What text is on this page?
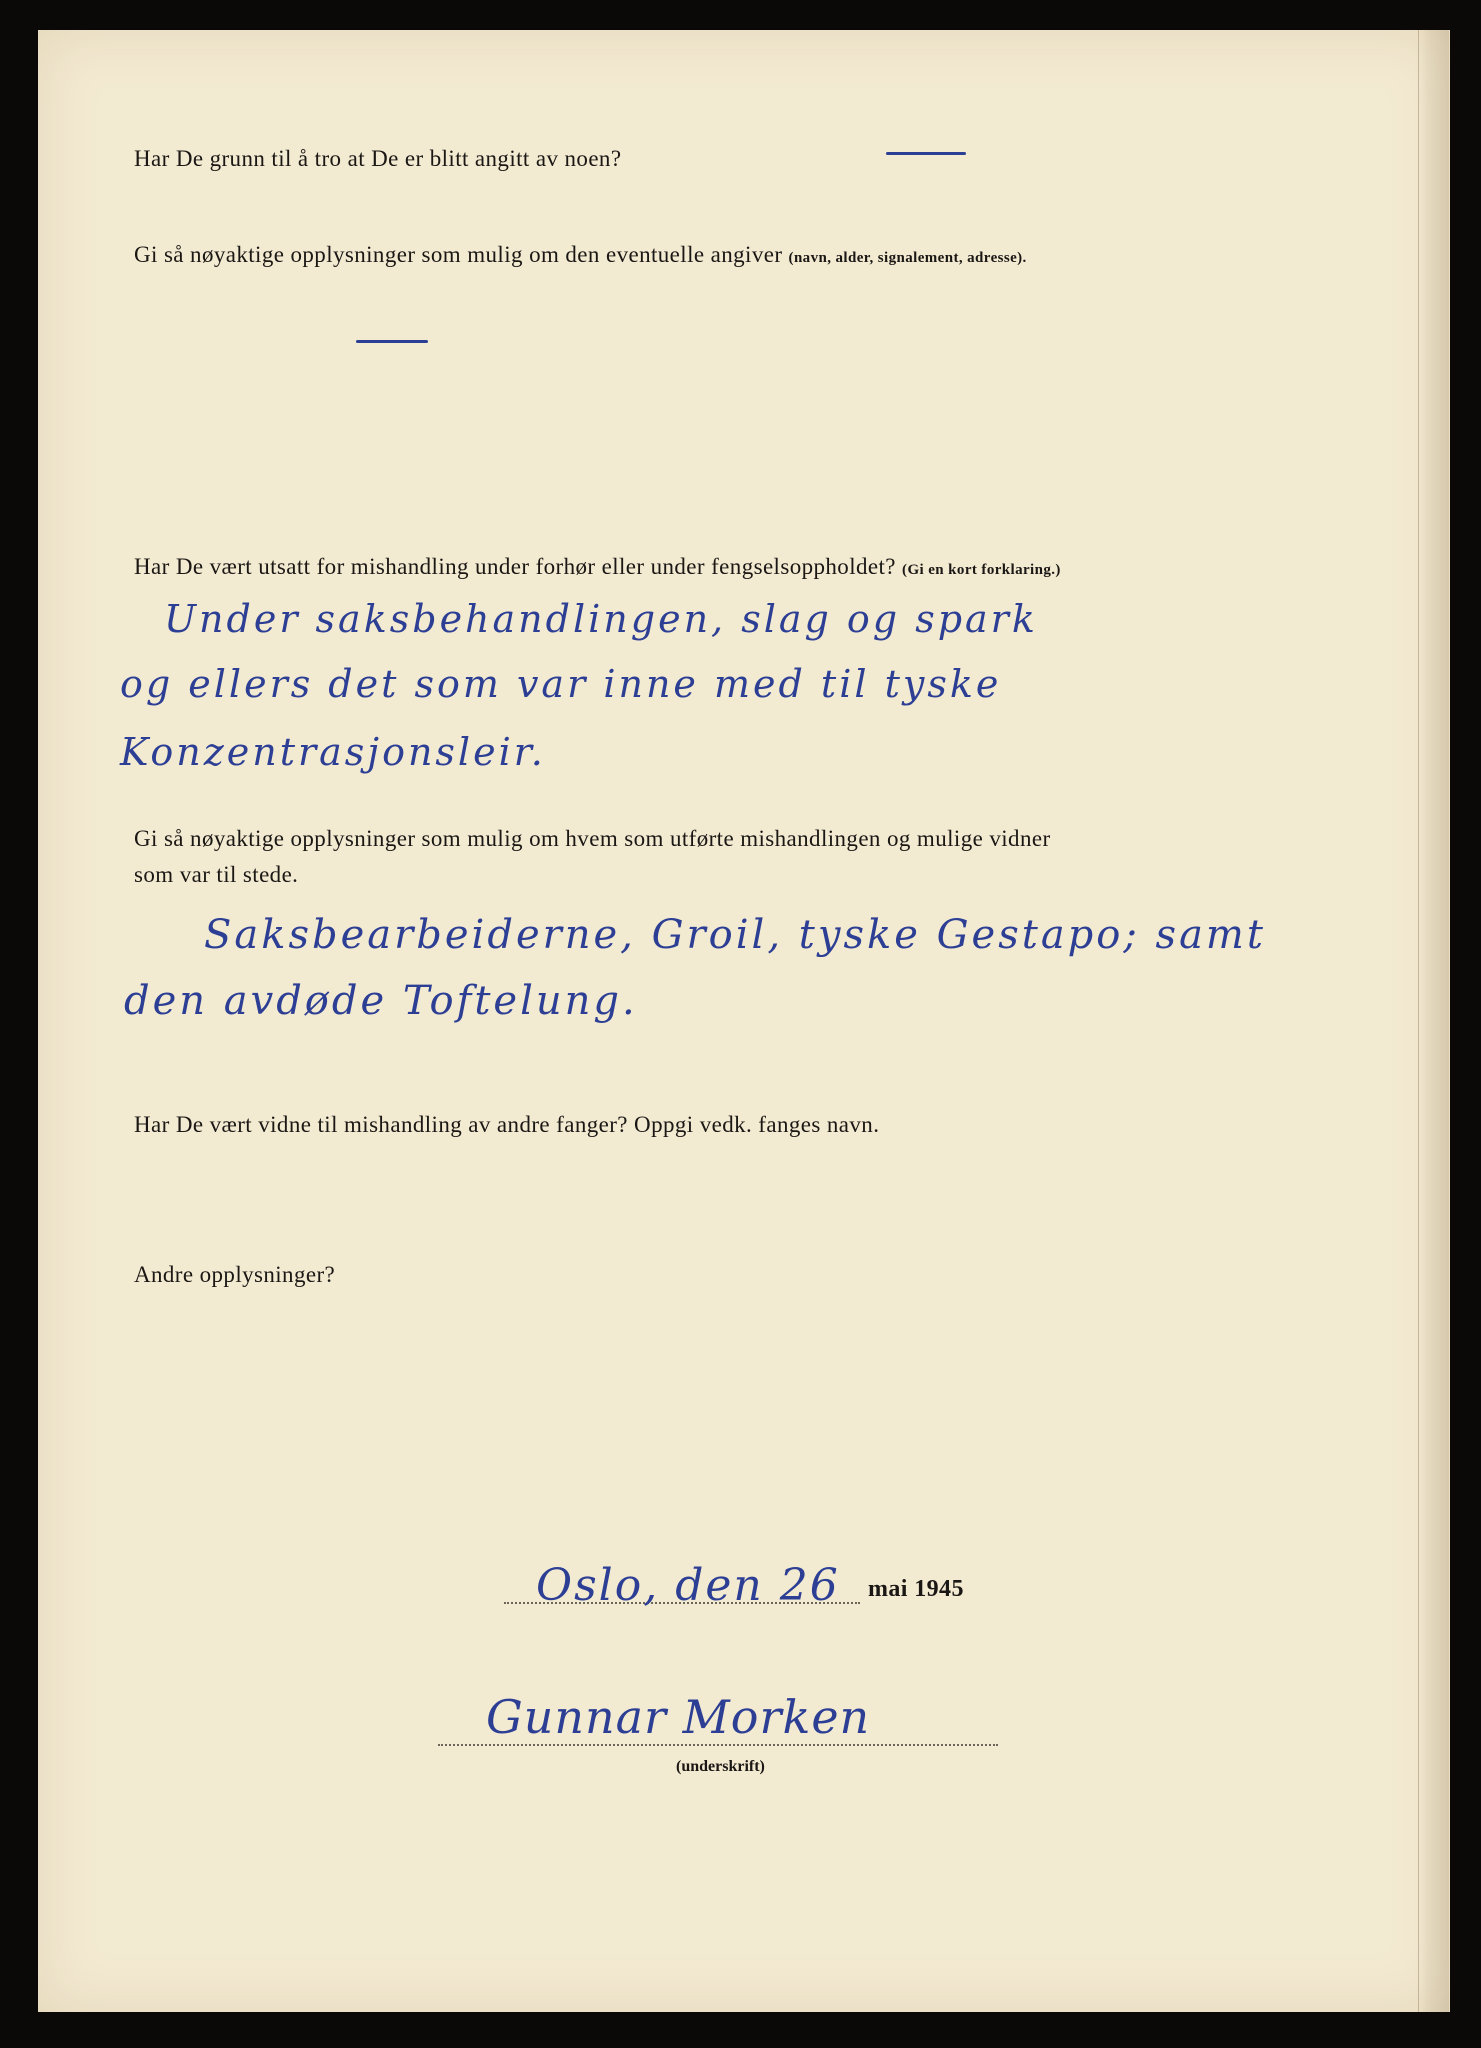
Har De grunn til å tro at De er blitt angitt av noen?
Gi så nøyaktige opplysninger som mulig om den eventuelle angiver (navn, alder, signalement, adresse).
Har De vært utsatt for mishandling under forhør eller under fengselsoppholdet? (Gi en kort forklaring.)
Under saksbehandlingen, slag og spark
og ellers det som var inne med til tyske
Konzentrasjonsleir.
Gi så nøyaktige opplysninger som mulig om hvem som utførte mishandlingen og mulige vidner
som var til stede.
Saksbearbeiderne, Groil, tyske Gestapo; samt
den avdøde Toftelung.
Har De vært vidne til mishandling av andre fanger? Oppgi vedk. fanges navn.
Andre opplysninger?
Oslo, den 26 mai 1945
Gunnar Morken
(underskrift)
